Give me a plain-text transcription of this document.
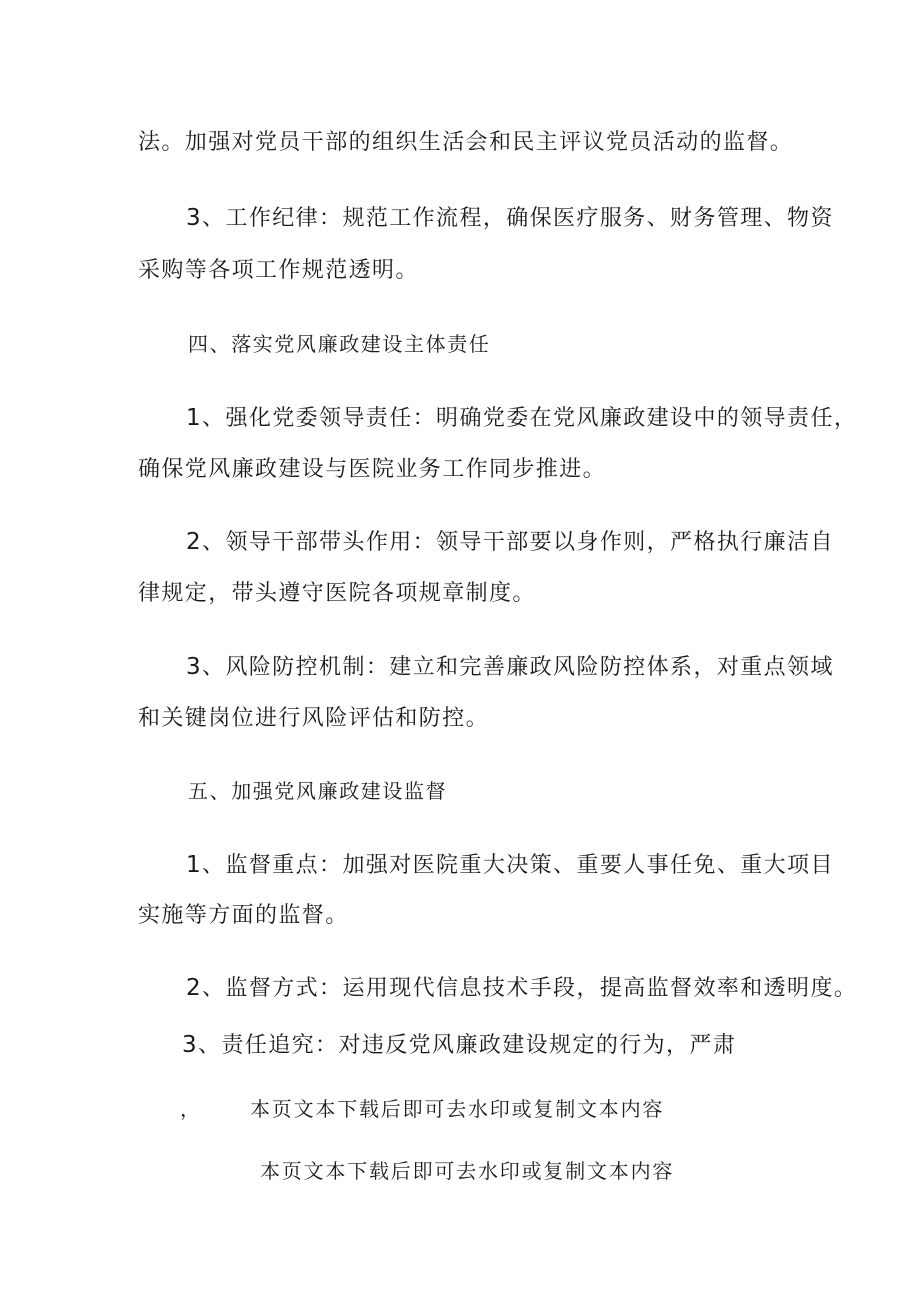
法。加强对党员干部的组织生活会和民主评议党员活动的监督。
3、工作纪律：规范工作流程，确保医疗服务、财务管理、物资
采购等各项工作规范透明。
四、落实党风廉政建设主体责任
1、强化党委领导责任：明确党委在党风廉政建设中的领导责任，
确保党风廉政建设与医院业务工作同步推进。
2、领导干部带头作用：领导干部要以身作则，严格执行廉洁自
律规定，带头遵守医院各项规章制度。
3、风险防控机制：建立和完善廉政风险防控体系，对重点领域
和关键岗位进行风险评估和防控。
五、加强党风廉政建设监督
1、监督重点：加强对医院重大决策、重要人事任免、重大项目
实施等方面的监督。
2、监督方式：运用现代信息技术手段，提高监督效率和透明度。
3、责任追究：对违反党风廉政建设规定的行为，严肃
， 本页文本下载后即可去水印或复制文本内容
本页文本下载后即可去水印或复制文本内容
